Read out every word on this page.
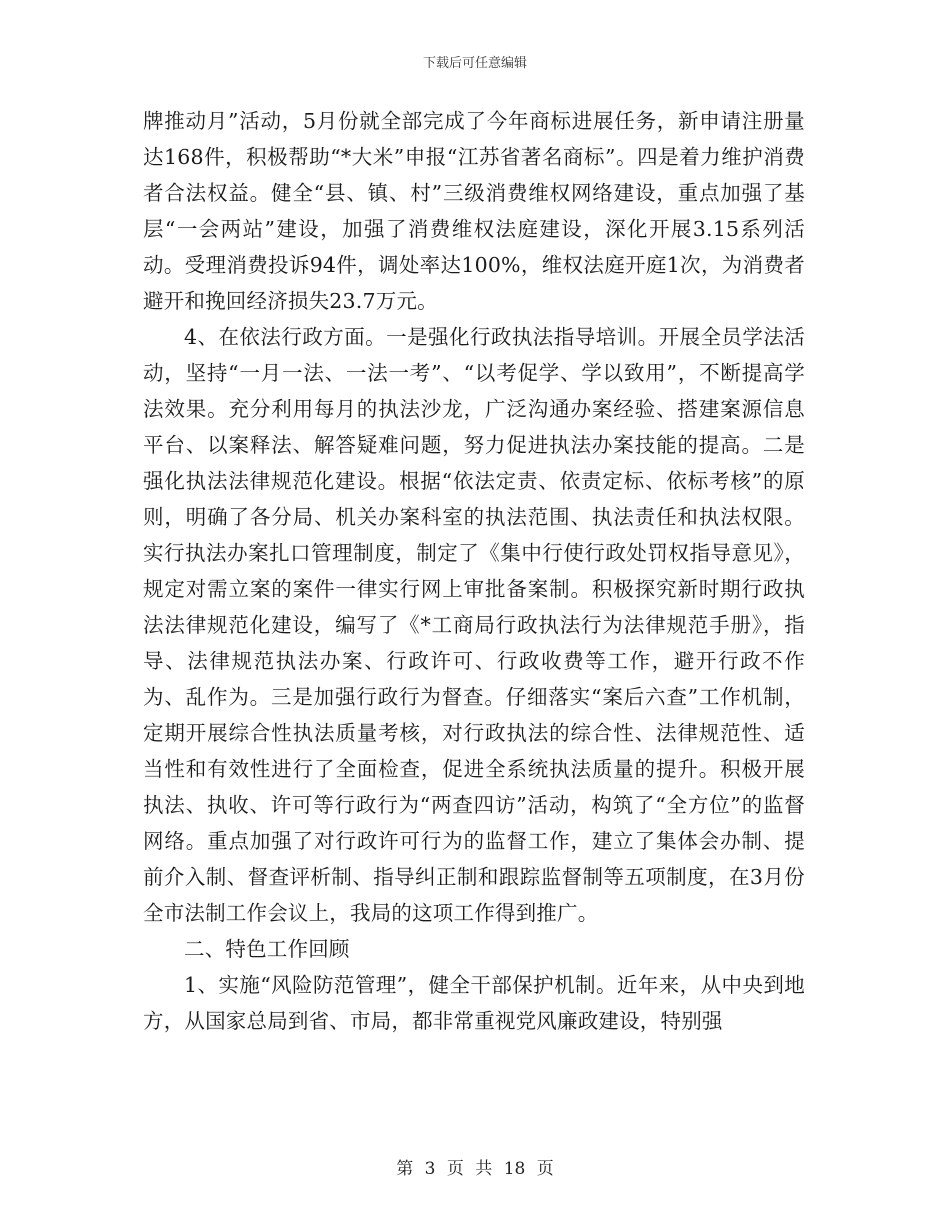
下载后可任意编辑

牌推动月”活动，5月份就全部完成了今年商标进展任务，新申请注册量达168件，积极帮助“*大米”申报“江苏省著名商标”。四是着力维护消费者合法权益。健全“县、镇、村”三级消费维权网络建设，重点加强了基层“一会两站”建设，加强了消费维权法庭建设，深化开展3.15系列活动。受理消费投诉94件，调处率达100%，维权法庭开庭1次，为消费者避开和挽回经济损失23.7万元。

4、在依法行政方面。一是强化行政执法指导培训。开展全员学法活动，坚持“一月一法、一法一考”、“以考促学、学以致用”，不断提高学法效果。充分利用每月的执法沙龙，广泛沟通办案经验、搭建案源信息平台、以案释法、解答疑难问题，努力促进执法办案技能的提高。二是强化执法法律规范化建设。根据“依法定责、依责定标、依标考核”的原则，明确了各分局、机关办案科室的执法范围、执法责任和执法权限。实行执法办案扎口管理制度，制定了《集中行使行政处罚权指导意见》，规定对需立案的案件一律实行网上审批备案制。积极探究新时期行政执法法律规范化建设，编写了《*工商局行政执法行为法律规范手册》，指导、法律规范执法办案、行政许可、行政收费等工作，避开行政不作为、乱作为。三是加强行政行为督查。仔细落实“案后六查”工作机制，定期开展综合性执法质量考核，对行政执法的综合性、法律规范性、适当性和有效性进行了全面检查，促进全系统执法质量的提升。积极开展执法、执收、许可等行政行为“两查四访”活动，构筑了“全方位”的监督网络。重点加强了对行政许可行为的监督工作，建立了集体会办制、提前介入制、督查评析制、指导纠正制和跟踪监督制等五项制度，在3月份全市法制工作会议上，我局的这项工作得到推广。

二、特色工作回顾

1、实施“风险防范管理”，健全干部保护机制。近年来，从中央到地方，从国家总局到省、市局，都非常重视党风廉政建设，特别强

第 3 页 共 18 页
